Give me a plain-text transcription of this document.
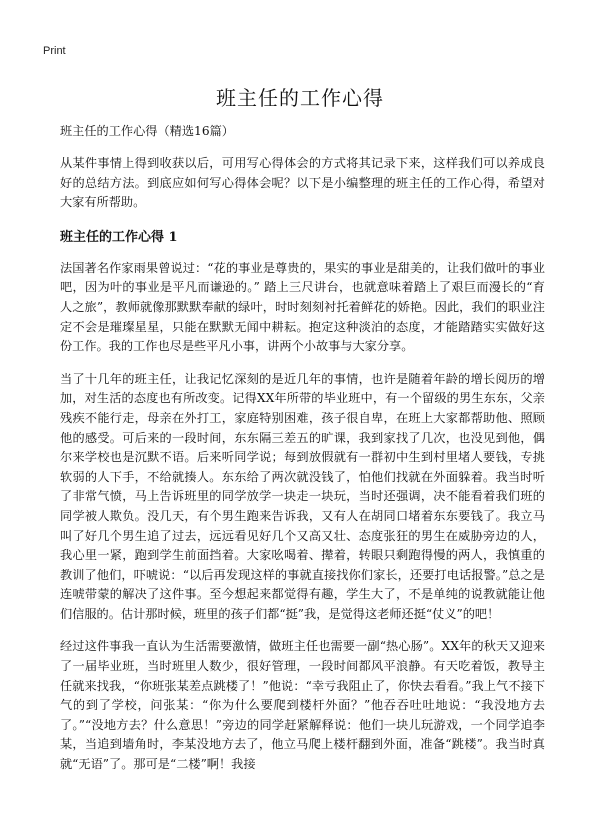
Print
班主任的工作心得
班主任的工作心得（精选16篇）

从某件事情上得到收获以后，可用写心得体会的方式将其记录下来，这样我们可以养成良好的总结方法。到底应如何写心得体会呢？以下是小编整理的班主任的工作心得，希望对大家有所帮助。

班主任的工作心得 1

法国著名作家雨果曾说过：“花的事业是尊贵的，果实的事业是甜美的，让我们做叶的事业吧，因为叶的事业是平凡而谦逊的。” 踏上三尺讲台，也就意味着踏上了艰巨而漫长的“育人之旅”，教师就像那默默奉献的绿叶，时时刻刻衬托着鲜花的娇艳。因此，我们的职业注定不会是璀璨星星，只能在默默无闻中耕耘。抱定这种淡泊的态度，才能踏踏实实做好这份工作。我的工作也尽是些平凡小事，讲两个小故事与大家分享。

当了十几年的班主任，让我记忆深刻的是近几年的事情，也许是随着年龄的增长阅历的增加，对生活的态度也有所改变。记得XX年所带的毕业班中，有一个留级的男生东东，父亲残疾不能行走，母亲在外打工，家庭特别困难，孩子很自卑，在班上大家都帮助他、照顾他的感受。可后来的一段时间，东东隔三差五的旷课，我到家找了几次，也没见到他，偶尔来学校也是沉默不语。后来听同学说；每到放假就有一群初中生到村里堵人要钱，专挑软弱的人下手，不给就揍人。东东给了两次就没钱了，怕他们找就在外面躲着。我当时听了非常气愤，马上告诉班里的同学放学一块走一块玩，当时还强调，决不能看着我们班的同学被人欺负。没几天，有个男生跑来告诉我，又有人在胡同口堵着东东要钱了。我立马叫了好几个男生追了过去，远远看见好几个又高又壮、态度张狂的男生在威胁旁边的人，我心里一紧，跑到学生前面挡着。大家吆喝着、撵着，转眼只剩跑得慢的两人，我慎重的教训了他们，吓唬说：“以后再发现这样的事就直接找你们家长，还要打电话报警。”总之是连唬带蒙的解决了这件事。至今想起来都觉得有趣，学生大了，不是单纯的说教就能让他们信服的。估计那时候，班里的孩子们都“挺”我，是觉得这老师还挺“仗义”的吧！

经过这件事我一直认为生活需要激情，做班主任也需要一副“热心肠”。XX年的秋天又迎来了一届毕业班，当时班里人数少，很好管理，一段时间都风平浪静。有天吃着饭，教导主任就来找我，“你班张某差点跳楼了！”他说：“幸亏我阻止了，你快去看看。”我上气不接下气的到了学校，问张某：“你为什么要爬到楼杆外面？”他吞吞吐吐地说：“我没地方去了。”“没地方去？什么意思！”旁边的同学赶紧解释说：他们一块儿玩游戏，一个同学追李某，当追到墙角时，李某没地方去了，他立马爬上楼杆翻到外面，准备“跳楼”。我当时真就“无语”了。那可是“二楼”啊！我接
